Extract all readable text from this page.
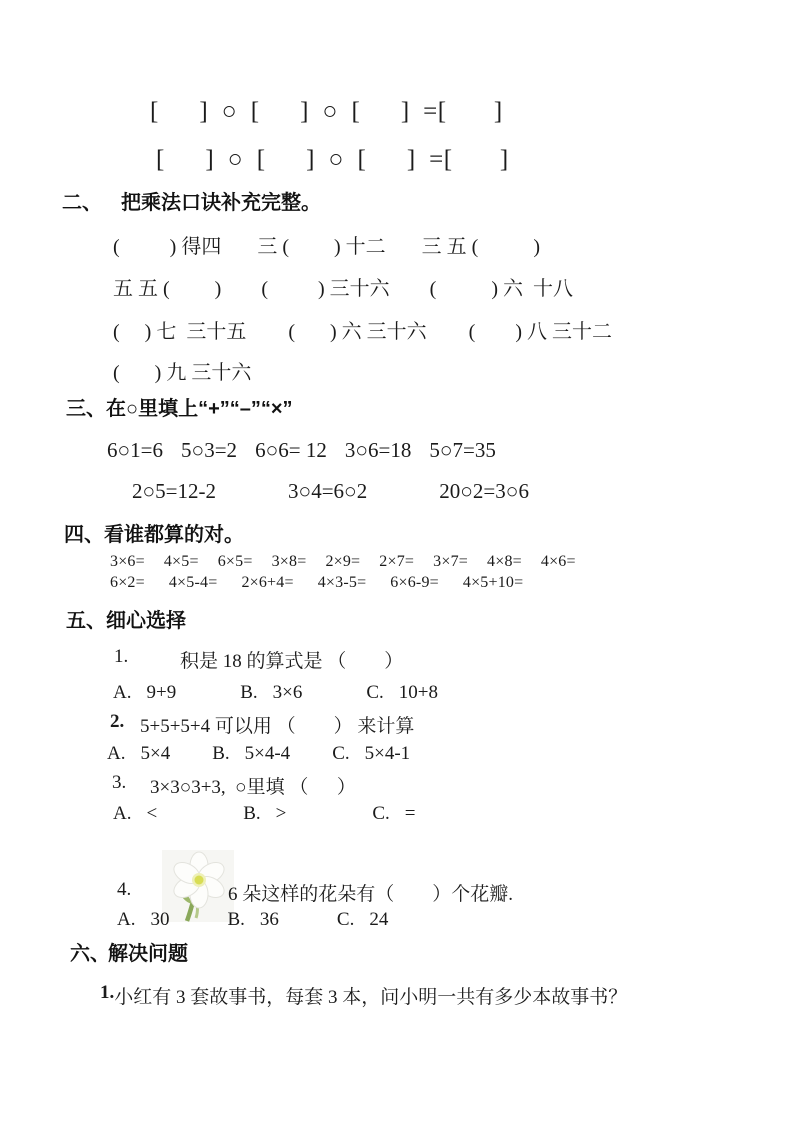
[      ]  ○  [      ]  ○  [      ]  =[       ]

[      ]  ○  [      ]  ○  [      ]  =[       ]

二、

把乘法口诀补充完整。

(          ) 得四 三 (         ) 十二 三 五 (           )

五 五 (         ) (          ) 三十六 (           ) 六  十八

(     ) 七  三十五 (       ) 六 三十六 (        ) 八 三十二

(       ) 九 三十六

三、

在○里填上“+”“–”“×”

6○1=6 5○3=2 6○6= 12 3○6=18 5○7=35

2○5=12-2	3○4=6○2	20○2=3○6

四、

看谁都算的对。

3×6= 4×5= 6×5= 3×8= 2×9= 2×7= 3×7= 4×8= 4×6=

6×2= 4×5-4= 2×6+4= 4×3-5= 6×6-9= 4×5+10=

五、

细心选择

1.

	积是 18 的算式是 （        ）

A. 9+9	B. 3×6	C. 10+8

2.

5+5+5+4 可以用 （        ） 来计算

A. 5×4 B. 5×4-4 C. 5×4-1

3.

3×3○3+3,  ○里填 （      ）

A. <	B. >	C. =

4.

	6 朵这样的花朵有（        ）个花瓣.

A. 30	B. 36	C. 24

六、

解决问题

1. 小红有 3 套故事书，每套 3 本，问小明一共有多少本故事书？
